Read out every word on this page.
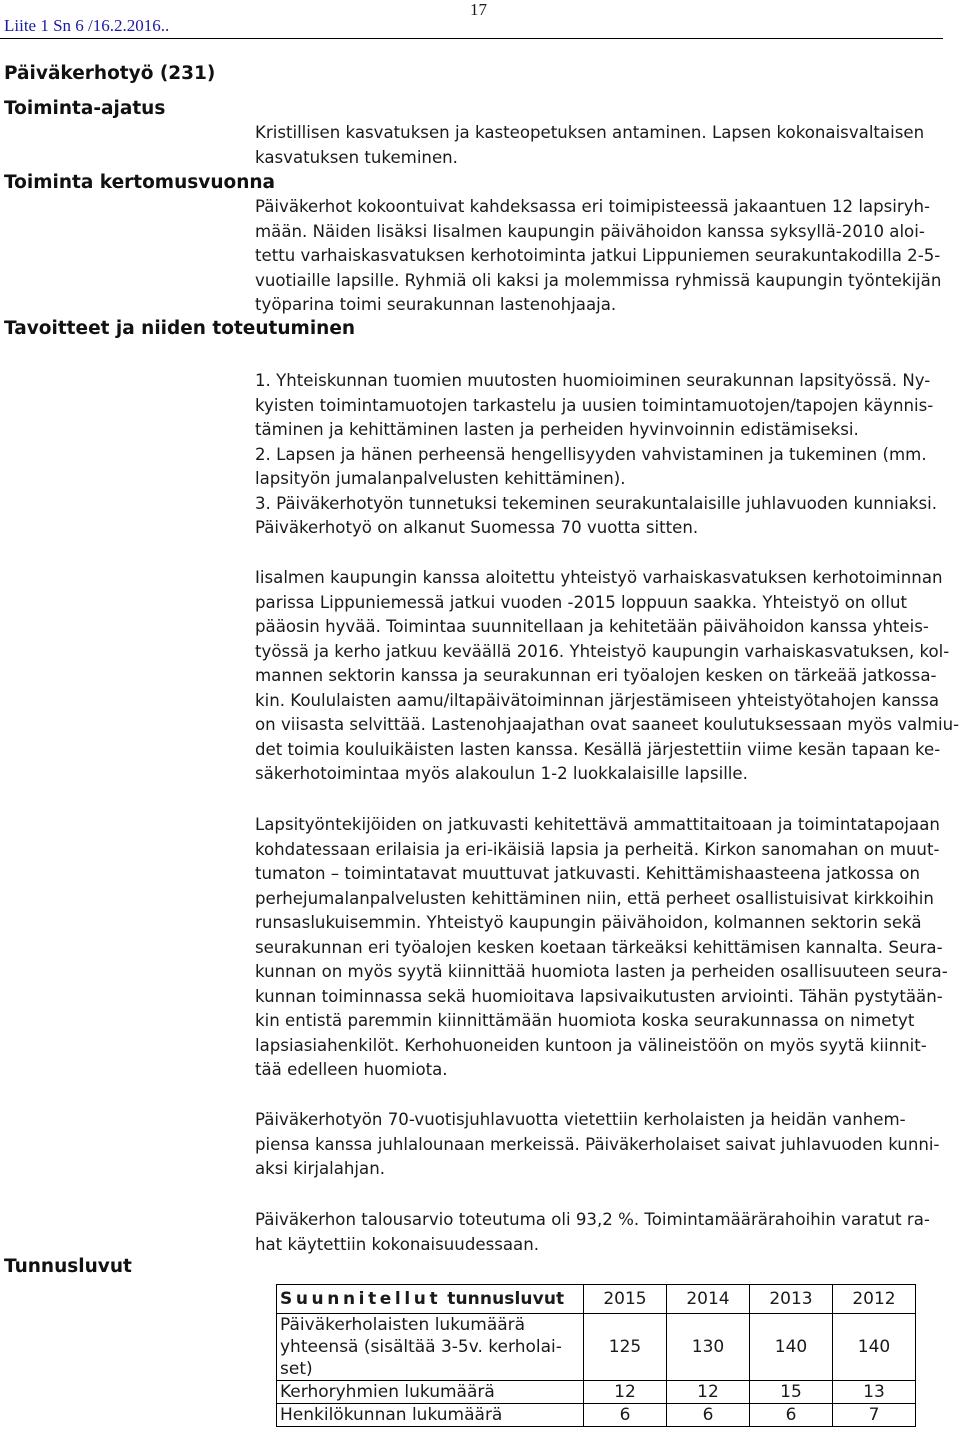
Liite 1 Sn 6 /16.2.2016..
17
Päiväkerhotyö (231)
Toiminta-ajatus
Kristillisen kasvatuksen ja kasteopetuksen antaminen. Lapsen kokonaisvaltaisen
kasvatuksen tukeminen.
Toiminta kertomusvuonna
Päiväkerhot kokoontuivat kahdeksassa eri toimipisteessä jakaantuen 12 lapsiryh-
mään. Näiden lisäksi Iisalmen kaupungin päivähoidon kanssa syksyllä-2010 aloi-
tettu varhaiskasvatuksen kerhotoiminta jatkui Lippuniemen seurakuntakodilla 2-5-
vuotiaille lapsille. Ryhmiä oli kaksi ja molemmissa ryhmissä kaupungin työntekijän
työparina toimi seurakunnan lastenohjaaja.
Tavoitteet ja niiden toteutuminen
1. Yhteiskunnan tuomien muutosten huomioiminen seurakunnan lapsityössä. Ny-
kyisten toimintamuotojen tarkastelu ja uusien toimintamuotojen/tapojen käynnis-
täminen ja kehittäminen lasten ja perheiden hyvinvoinnin edistämiseksi.
2. Lapsen ja hänen perheensä hengellisyyden vahvistaminen ja tukeminen (mm.
lapsityön jumalanpalvelusten kehittäminen).
3. Päiväkerhotyön tunnetuksi tekeminen seurakuntalaisille juhlavuoden kunniaksi.
Päiväkerhotyö on alkanut Suomessa 70 vuotta sitten.
Iisalmen kaupungin kanssa aloitettu yhteistyö varhaiskasvatuksen kerhotoiminnan
parissa Lippuniemessä jatkui vuoden -2015 loppuun saakka. Yhteistyö on ollut
pääosin hyvää. Toimintaa suunnitellaan ja kehitetään päivähoidon kanssa yhteis-
työssä ja kerho jatkuu keväällä 2016. Yhteistyö kaupungin varhaiskasvatuksen, kol-
mannen sektorin kanssa ja seurakunnan eri työalojen kesken on tärkeää jatkossa-
kin. Koululaisten aamu/iltapäivätoiminnan järjestämiseen yhteistyötahojen kanssa
on viisasta selvittää. Lastenohjaajathan ovat saaneet koulutuksessaan myös valmiu-
det toimia kouluikäisten lasten kanssa. Kesällä järjestettiin viime kesän tapaan ke-
säkerhotoimintaa myös alakoulun 1-2 luokkalaisille lapsille.
Lapsityöntekijöiden on jatkuvasti kehitettävä ammattitaitoaan ja toimintatapojaan
kohdatessaan erilaisia ja eri-ikäisiä lapsia ja perheitä. Kirkon sanomahan on muut-
tumaton – toimintatavat muuttuvat jatkuvasti. Kehittämishaasteena jatkossa on
perhejumalanpalvelusten kehittäminen niin, että perheet osallistuisivat kirkkoihin
runsaslukuisemmin. Yhteistyö kaupungin päivähoidon, kolmannen sektorin sekä
seurakunnan eri työalojen kesken koetaan tärkeäksi kehittämisen kannalta. Seura-
kunnan on myös syytä kiinnittää huomiota lasten ja perheiden osallisuuteen seura-
kunnan toiminnassa sekä huomioitava lapsivaikutusten arviointi. Tähän pystytään-
kin entistä paremmin kiinnittämään huomiota koska seurakunnassa on nimetyt
lapsiasiahenkilöt. Kerhohuoneiden kuntoon ja välineistöön on myös syytä kiinnit-
tää edelleen huomiota.
Päiväkerhotyön 70-vuotisjuhlavuotta vietettiin kerholaisten ja heidän vanhem-
piensa kanssa juhlalounaan merkeissä. Päiväkerholaiset saivat juhlavuoden kunni-
aksi kirjalahjan.
Päiväkerhon talousarvio toteutuma oli 93,2 %. Toimintamäärärahoihin varatut ra-
hat käytettiin kokonaisuudessaan.
Tunnusluvut
Suunnitellut tunnusluvut	2015	2014	2013	2012

Päiväkerholaisten lukumäärä
yhteensä (sisältää 3-5v. kerholai-
set)	125	130	140	140
Kerhoryhmien lukumäärä	12	12	15	13
Henkilökunnan lukumäärä	6	6	6	7
